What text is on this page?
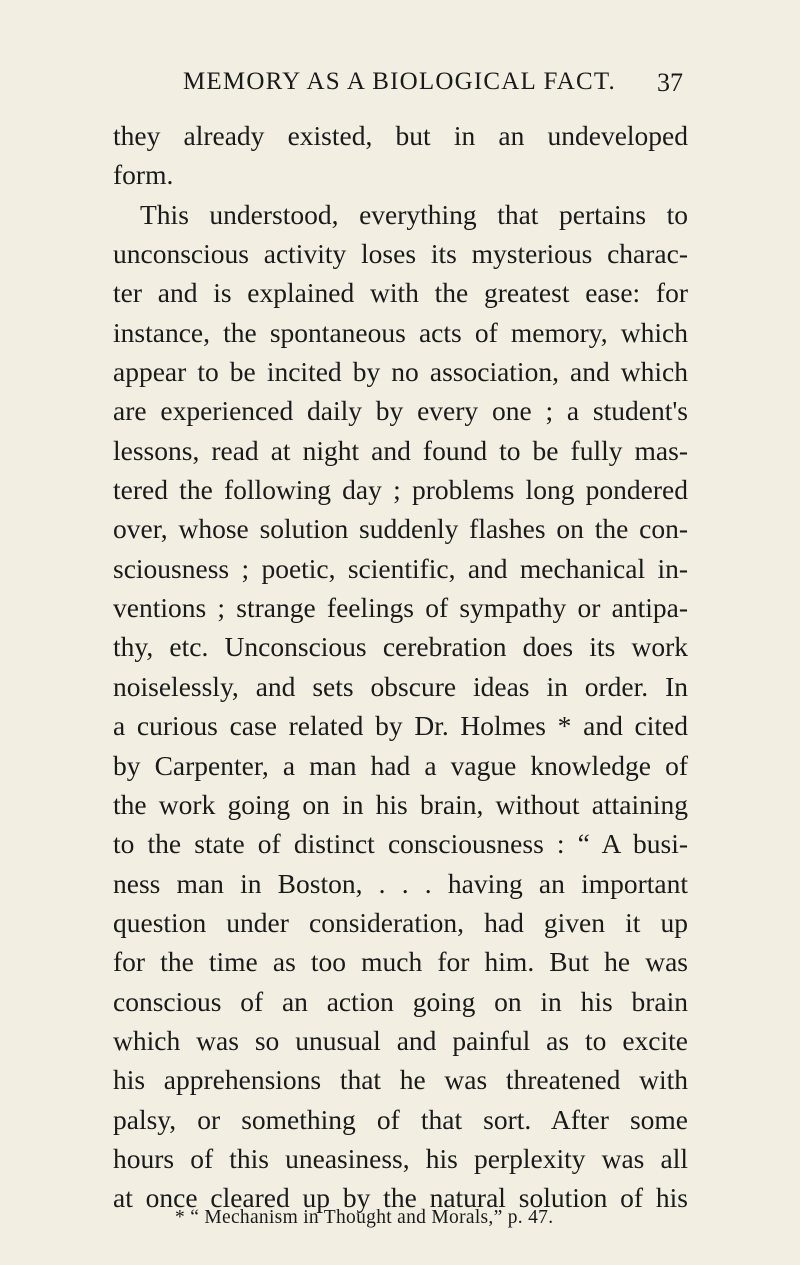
MEMORY AS A BIOLOGICAL FACT. 37
they already existed, but in an undeveloped
form.
This understood, everything that pertains to
unconscious activity loses its mysterious charac-
ter and is explained with the greatest ease: for
instance, the spontaneous acts of memory, which
appear to be incited by no association, and which
are experienced daily by every one ; a student's
lessons, read at night and found to be fully mas-
tered the following day ; problems long pondered
over, whose solution suddenly flashes on the con-
sciousness ; poetic, scientific, and mechanical in-
ventions ; strange feelings of sympathy or antipa-
thy, etc. Unconscious cerebration does its work
noiselessly, and sets obscure ideas in order. In
a curious case related by Dr. Holmes * and cited
by Carpenter, a man had a vague knowledge of
the work going on in his brain, without attaining
to the state of distinct consciousness : “ A busi-
ness man in Boston, . . . having an important
question under consideration, had given it up
for the time as too much for him. But he was
conscious of an action going on in his brain
which was so unusual and painful as to excite
his apprehensions that he was threatened with
palsy, or something of that sort. After some
hours of this uneasiness, his perplexity was all
at once cleared up by the natural solution of his
* “ Mechanism in Thought and Morals,” p. 47.
